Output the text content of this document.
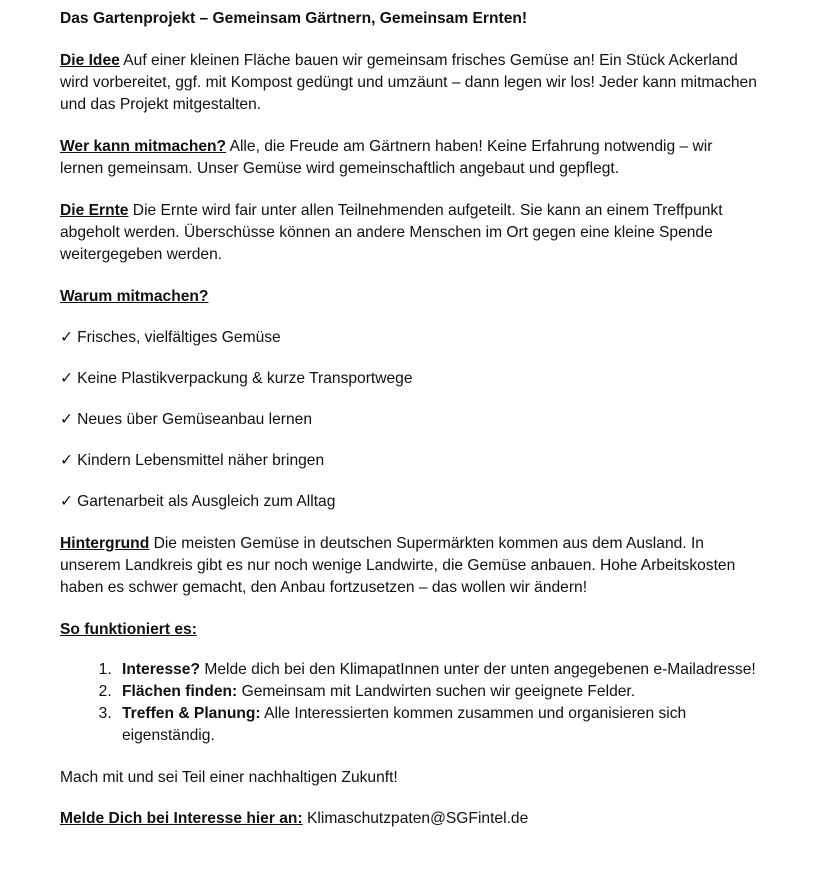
Das Gartenprojekt – Gemeinsam Gärtnern, Gemeinsam Ernten!

Die Idee Auf einer kleinen Fläche bauen wir gemeinsam frisches Gemüse an! Ein Stück Ackerland wird vorbereitet, ggf. mit Kompost gedüngt und umzäunt – dann legen wir los! Jeder kann mitmachen und das Projekt mitgestalten.

Wer kann mitmachen? Alle, die Freude am Gärtnern haben! Keine Erfahrung notwendig – wir lernen gemeinsam. Unser Gemüse wird gemeinschaftlich angebaut und gepflegt.

Die Ernte Die Ernte wird fair unter allen Teilnehmenden aufgeteilt. Sie kann an einem Treffpunkt abgeholt werden. Überschüsse können an andere Menschen im Ort gegen eine kleine Spende weitergegeben werden.

Warum mitmachen?

✓ Frisches, vielfältiges Gemüse

✓ Keine Plastikverpackung & kurze Transportwege

✓ Neues über Gemüseanbau lernen

✓ Kindern Lebensmittel näher bringen

✓ Gartenarbeit als Ausgleich zum Alltag

Hintergrund Die meisten Gemüse in deutschen Supermärkten kommen aus dem Ausland. In unserem Landkreis gibt es nur noch wenige Landwirte, die Gemüse anbauen. Hohe Arbeitskosten haben es schwer gemacht, den Anbau fortzusetzen – das wollen wir ändern!

So funktioniert es:

1. Interesse? Melde dich bei den KlimapatInnen unter der unten angegebenen e-Mailadresse!
2. Flächen finden: Gemeinsam mit Landwirten suchen wir geeignete Felder.
3. Treffen & Planung: Alle Interessierten kommen zusammen und organisieren sich eigenständig.

Mach mit und sei Teil einer nachhaltigen Zukunft!

Melde Dich bei Interesse hier an: Klimaschutzpaten@SGFintel.de
